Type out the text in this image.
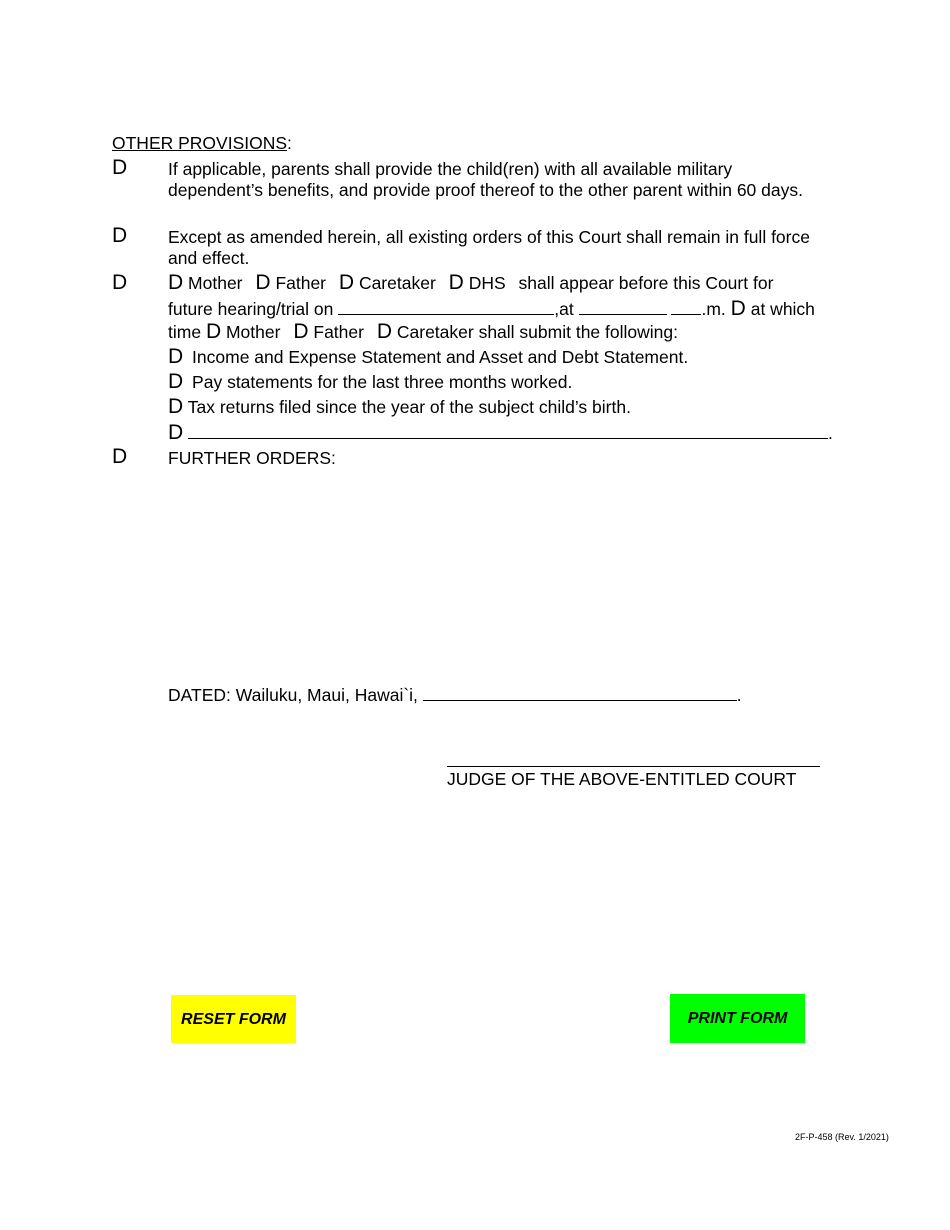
OTHER PROVISIONS:
D If applicable, parents shall provide the child(ren) with all available military dependent’s benefits, and provide proof thereof to the other parent within 60 days.
D Except as amended herein, all existing orders of this Court shall remain in full force and effect.
D D Mother D Father D Caretaker D DHS shall appear before this Court for
future hearing/trial on	,at	.m. D at which
time D Mother D Father D Caretaker shall submit the following:
D Income and Expense Statement and Asset and Debt Statement.
D Pay statements for the last three months worked.
D Tax returns filed since the year of the subject child’s birth.
D	.
D FURTHER ORDERS:
DATED: Wailuku, Maui, Hawai`i,	.
JUDGE OF THE ABOVE-ENTITLED COURT
RESET FORM	PRINT FORM
2F-P-458 (Rev. 1/2021)
